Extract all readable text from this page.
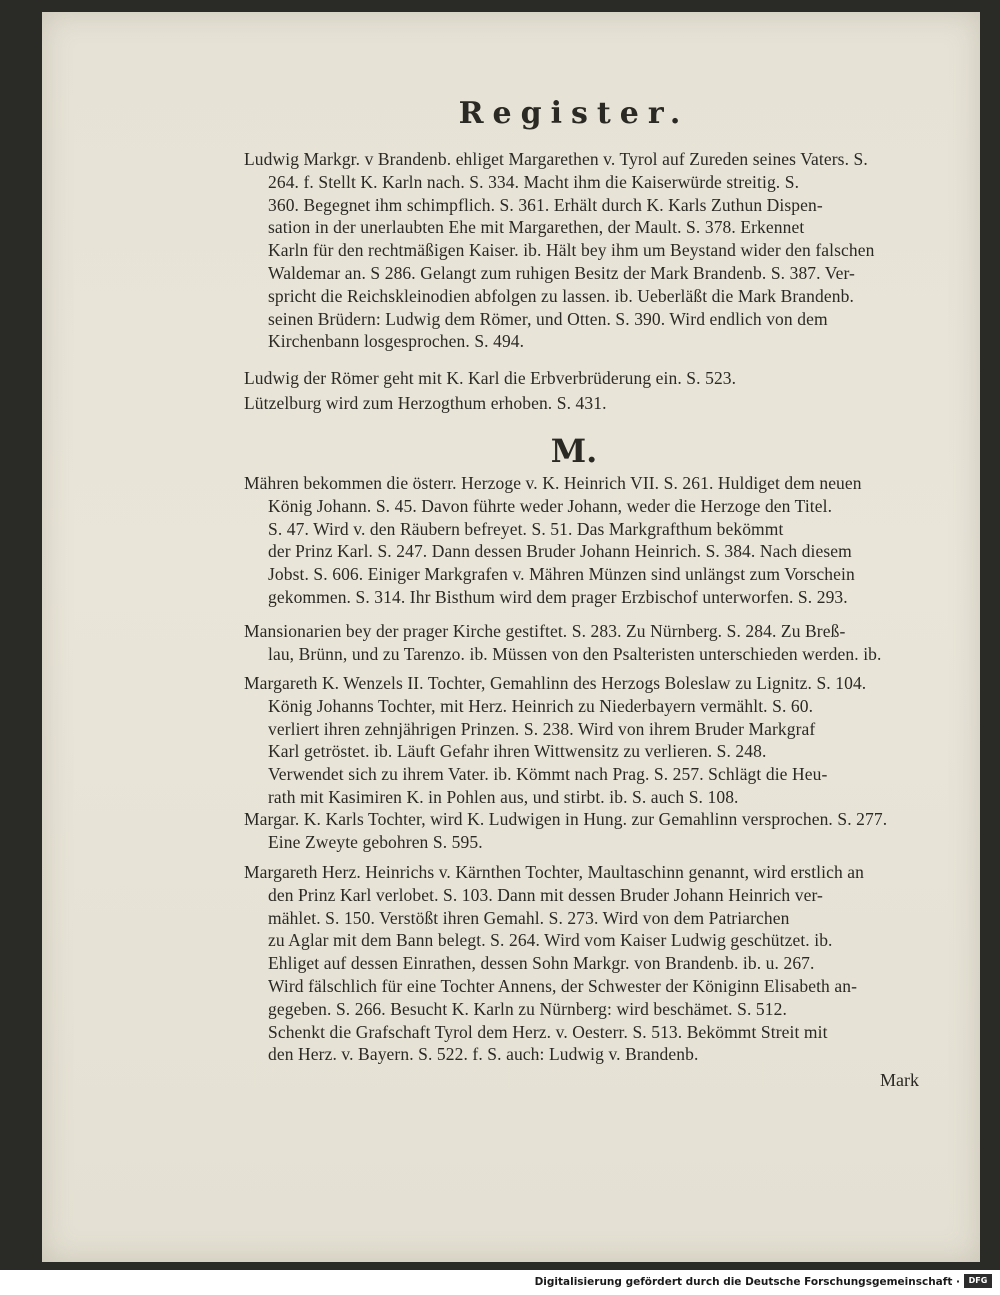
Register.
Ludwig Markgr. v Brandenb. ehliget Margarethen v. Tyrol auf Zureden seines Vaters. S.
264. f. Stellt K. Karln nach. S. 334. Macht ihm die Kaiserwürde streitig. S.
360. Begegnet ihm schimpflich. S. 361. Erhält durch K. Karls Zuthun Dispen-
sation in der unerlaubten Ehe mit Margarethen, der Mault. S. 378. Erkennet
Karln für den rechtmäßigen Kaiser. ib. Hält bey ihm um Beystand wider den falschen
Waldemar an. S 286. Gelangt zum ruhigen Besitz der Mark Brandenb. S. 387. Ver-
spricht die Reichskleinodien abfolgen zu lassen. ib. Ueberläßt die Mark Brandenb.
seinen Brüdern: Ludwig dem Römer, und Otten. S. 390. Wird endlich von dem
Kirchenbann losgesprochen. S. 494.
Ludwig der Römer geht mit K. Karl die Erbverbrüderung ein. S. 523.
Lützelburg wird zum Herzogthum erhoben. S. 431.
M.
Mähren bekommen die österr. Herzoge v. K. Heinrich VII. S. 261. Huldiget dem neuen
König Johann. S. 45. Davon führte weder Johann, weder die Herzoge den Titel.
S. 47. Wird v. den Räubern befreyet. S. 51. Das Markgrafthum bekömmt
der Prinz Karl. S. 247. Dann dessen Bruder Johann Heinrich. S. 384. Nach diesem
Jobst. S. 606. Einiger Markgrafen v. Mähren Münzen sind unlängst zum Vorschein
gekommen. S. 314. Ihr Bisthum wird dem prager Erzbischof unterworfen. S. 293.
Mansionarien bey der prager Kirche gestiftet. S. 283. Zu Nürnberg. S. 284. Zu Breß-
lau, Brünn, und zu Tarenzo. ib. Müssen von den Psalteristen unterschieden werden. ib.
Margareth K. Wenzels II. Tochter, Gemahlinn des Herzogs Boleslaw zu Lignitz. S. 104.
König Johanns Tochter, mit Herz. Heinrich zu Niederbayern vermählt. S. 60.
verliert ihren zehnjährigen Prinzen. S. 238. Wird von ihrem Bruder Markgraf
Karl getröstet. ib. Läuft Gefahr ihren Wittwensitz zu verlieren. S. 248.
Verwendet sich zu ihrem Vater. ib. Kömmt nach Prag. S. 257. Schlägt die Heu-
rath mit Kasimiren K. in Pohlen aus, und stirbt. ib. S. auch S. 108.
Margar. K. Karls Tochter, wird K. Ludwigen in Hung. zur Gemahlinn versprochen. S. 277.
Eine Zweyte gebohren S. 595.
Margareth Herz. Heinrichs v. Kärnthen Tochter, Maultaschinn genannt, wird erstlich an
den Prinz Karl verlobet. S. 103. Dann mit dessen Bruder Johann Heinrich ver-
mählet. S. 150. Verstößt ihren Gemahl. S. 273. Wird von dem Patriarchen
zu Aglar mit dem Bann belegt. S. 264. Wird vom Kaiser Ludwig geschützet. ib.
Ehliget auf dessen Einrathen, dessen Sohn Markgr. von Brandenb. ib. u. 267.
Wird fälschlich für eine Tochter Annens, der Schwester der Königinn Elisabeth an-
gegeben. S. 266. Besucht K. Karln zu Nürnberg: wird beschämet. S. 512.
Schenkt die Grafschaft Tyrol dem Herz. v. Oesterr. S. 513. Bekömmt Streit mit
den Herz. v. Bayern. S. 522. f. S. auch: Ludwig v. Brandenb.
Mark
Digitalisierung gefördert durch die Deutsche Forschungsgemeinschaft ·	DFG
